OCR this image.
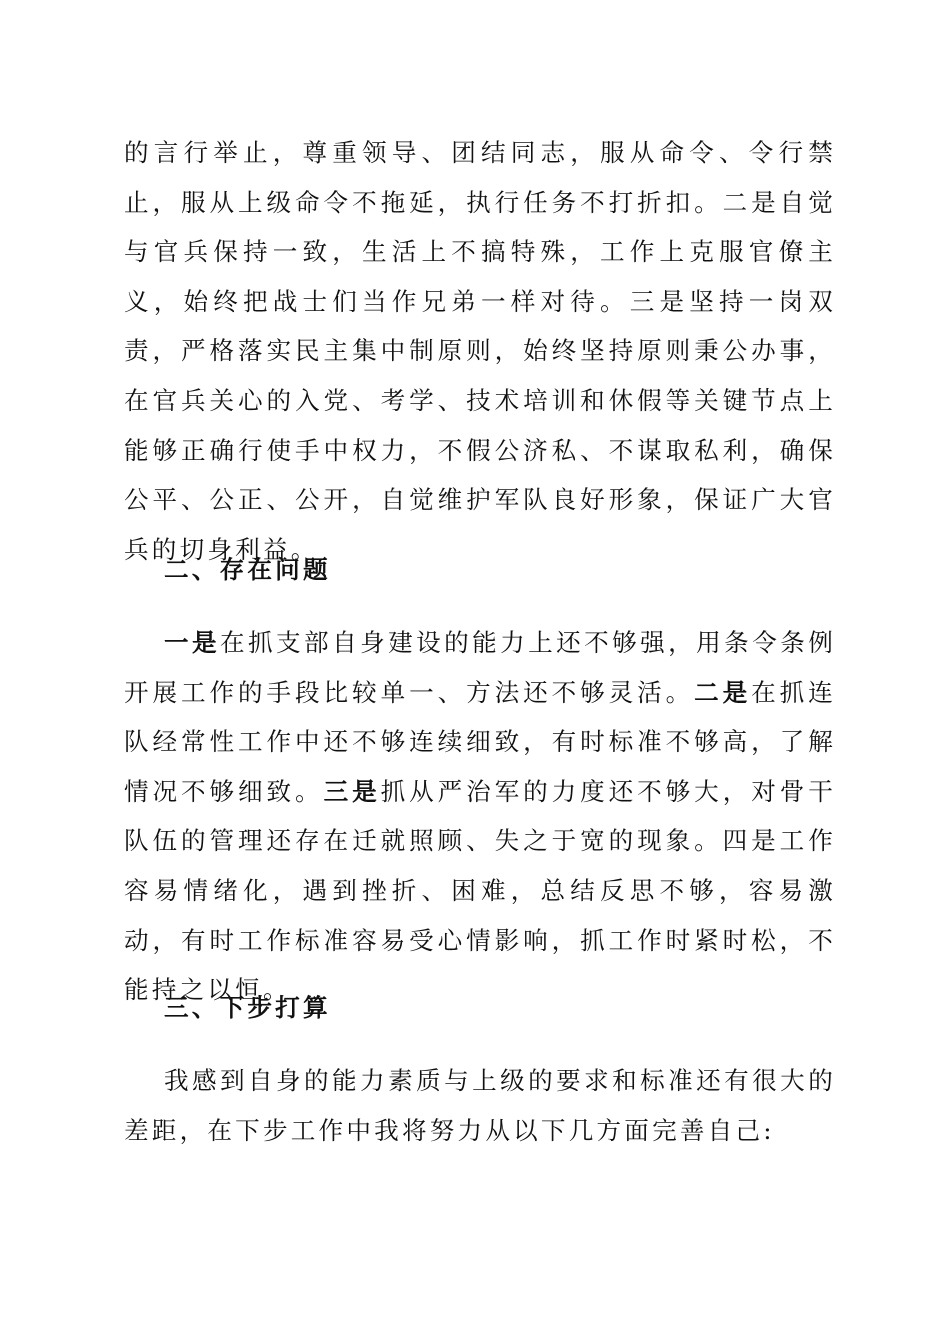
的言行举止，尊重领导、团结同志，服从命令、令行禁止，服从上级命令不拖延，执行任务不打折扣。二是自觉与官兵保持一致，生活上不搞特殊，工作上克服官僚主义，始终把战士们当作兄弟一样对待。三是坚持一岗双责，严格落实民主集中制原则，始终坚持原则秉公办事，在官兵关心的入党、考学、技术培训和休假等关键节点上能够正确行使手中权力，不假公济私、不谋取私利，确保公平、公正、公开，自觉维护军队良好形象，保证广大官兵的切身利益。

二、存在问题

一是在抓支部自身建设的能力上还不够强，用条令条例开展工作的手段比较单一、方法还不够灵活。二是在抓连队经常性工作中还不够连续细致，有时标准不够高，了解情况不够细致。三是抓从严治军的力度还不够大，对骨干队伍的管理还存在迁就照顾、失之于宽的现象。四是工作容易情绪化，遇到挫折、困难，总结反思不够，容易激动，有时工作标准容易受心情影响，抓工作时紧时松，不能持之以恒。

三、下步打算

我感到自身的能力素质与上级的要求和标准还有很大的差距，在下步工作中我将努力从以下几方面完善自己:
